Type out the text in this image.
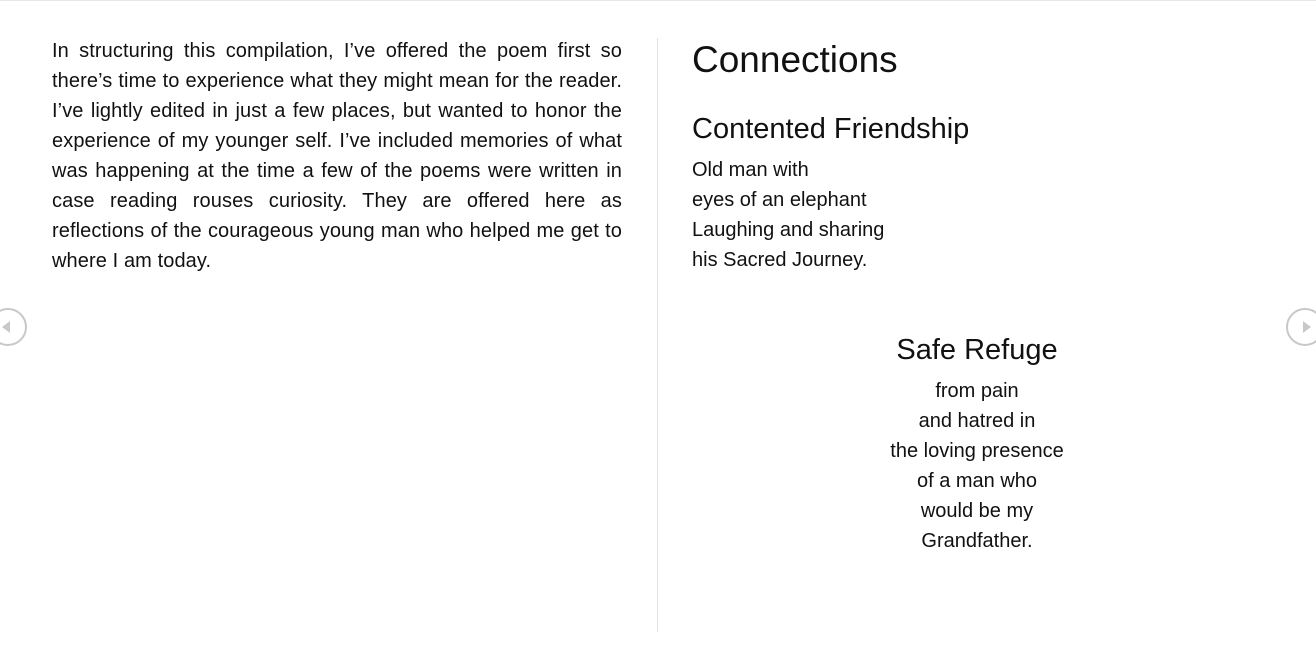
In structuring this compilation, I’ve offered the poem first so there’s time to experience what they might mean for the reader. I’ve lightly edited in just a few places, but wanted to honor the experience of my younger self. I’ve included memories of what was happening at the time a few of the poems were written in case reading rouses curiosity. They are offered here as reflections of the courageous young man who helped me get to where I am today.

Connections
Contented Friendship
Old man with
eyes of an elephant
Laughing and sharing
his Sacred Journey.
Safe Refuge
from pain
and hatred in
the loving presence
of a man who
would be my
Grandfather.
